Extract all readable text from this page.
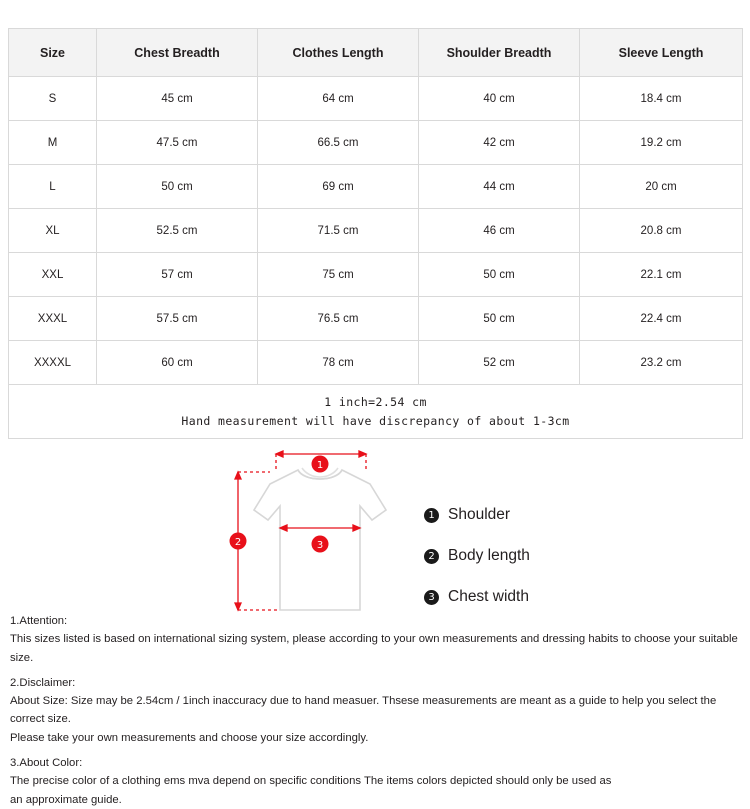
Size	Chest Breadth	Clothes Length	Shoulder Breadth	Sleeve Length
S	45 cm	64 cm	40 cm	18.4 cm
M	47.5 cm	66.5 cm	42 cm	19.2 cm
L	50 cm	69 cm	44 cm	20 cm
XL	52.5 cm	71.5 cm	46 cm	20.8 cm
XXL	57 cm	75 cm	50 cm	22.1 cm
XXXL	57.5 cm	76.5 cm	50 cm	22.4 cm
XXXXL	60 cm	78 cm	52 cm	23.2 cm

1 inch=2.54 cm
Hand measurement will have discrepancy of about 1-3cm				
1
2	3
1 Shoulder
2 Body length
3 Chest width

1.Attention:

This sizes listed is based on international sizing system, please according to your own measurements and dressing habits to choose your suitable size.

2.Disclaimer:

About Size: Size may be 2.54cm / 1inch inaccuracy due to hand measuer. Thsese measurements are meant as a guide to help you select the correct size.

Please take your own measurements and choose your size accordingly.

3.About Color:

The precise color of a clothing ems mva depend on specific conditions The items colors depicted should only be used as

an approximate guide.
